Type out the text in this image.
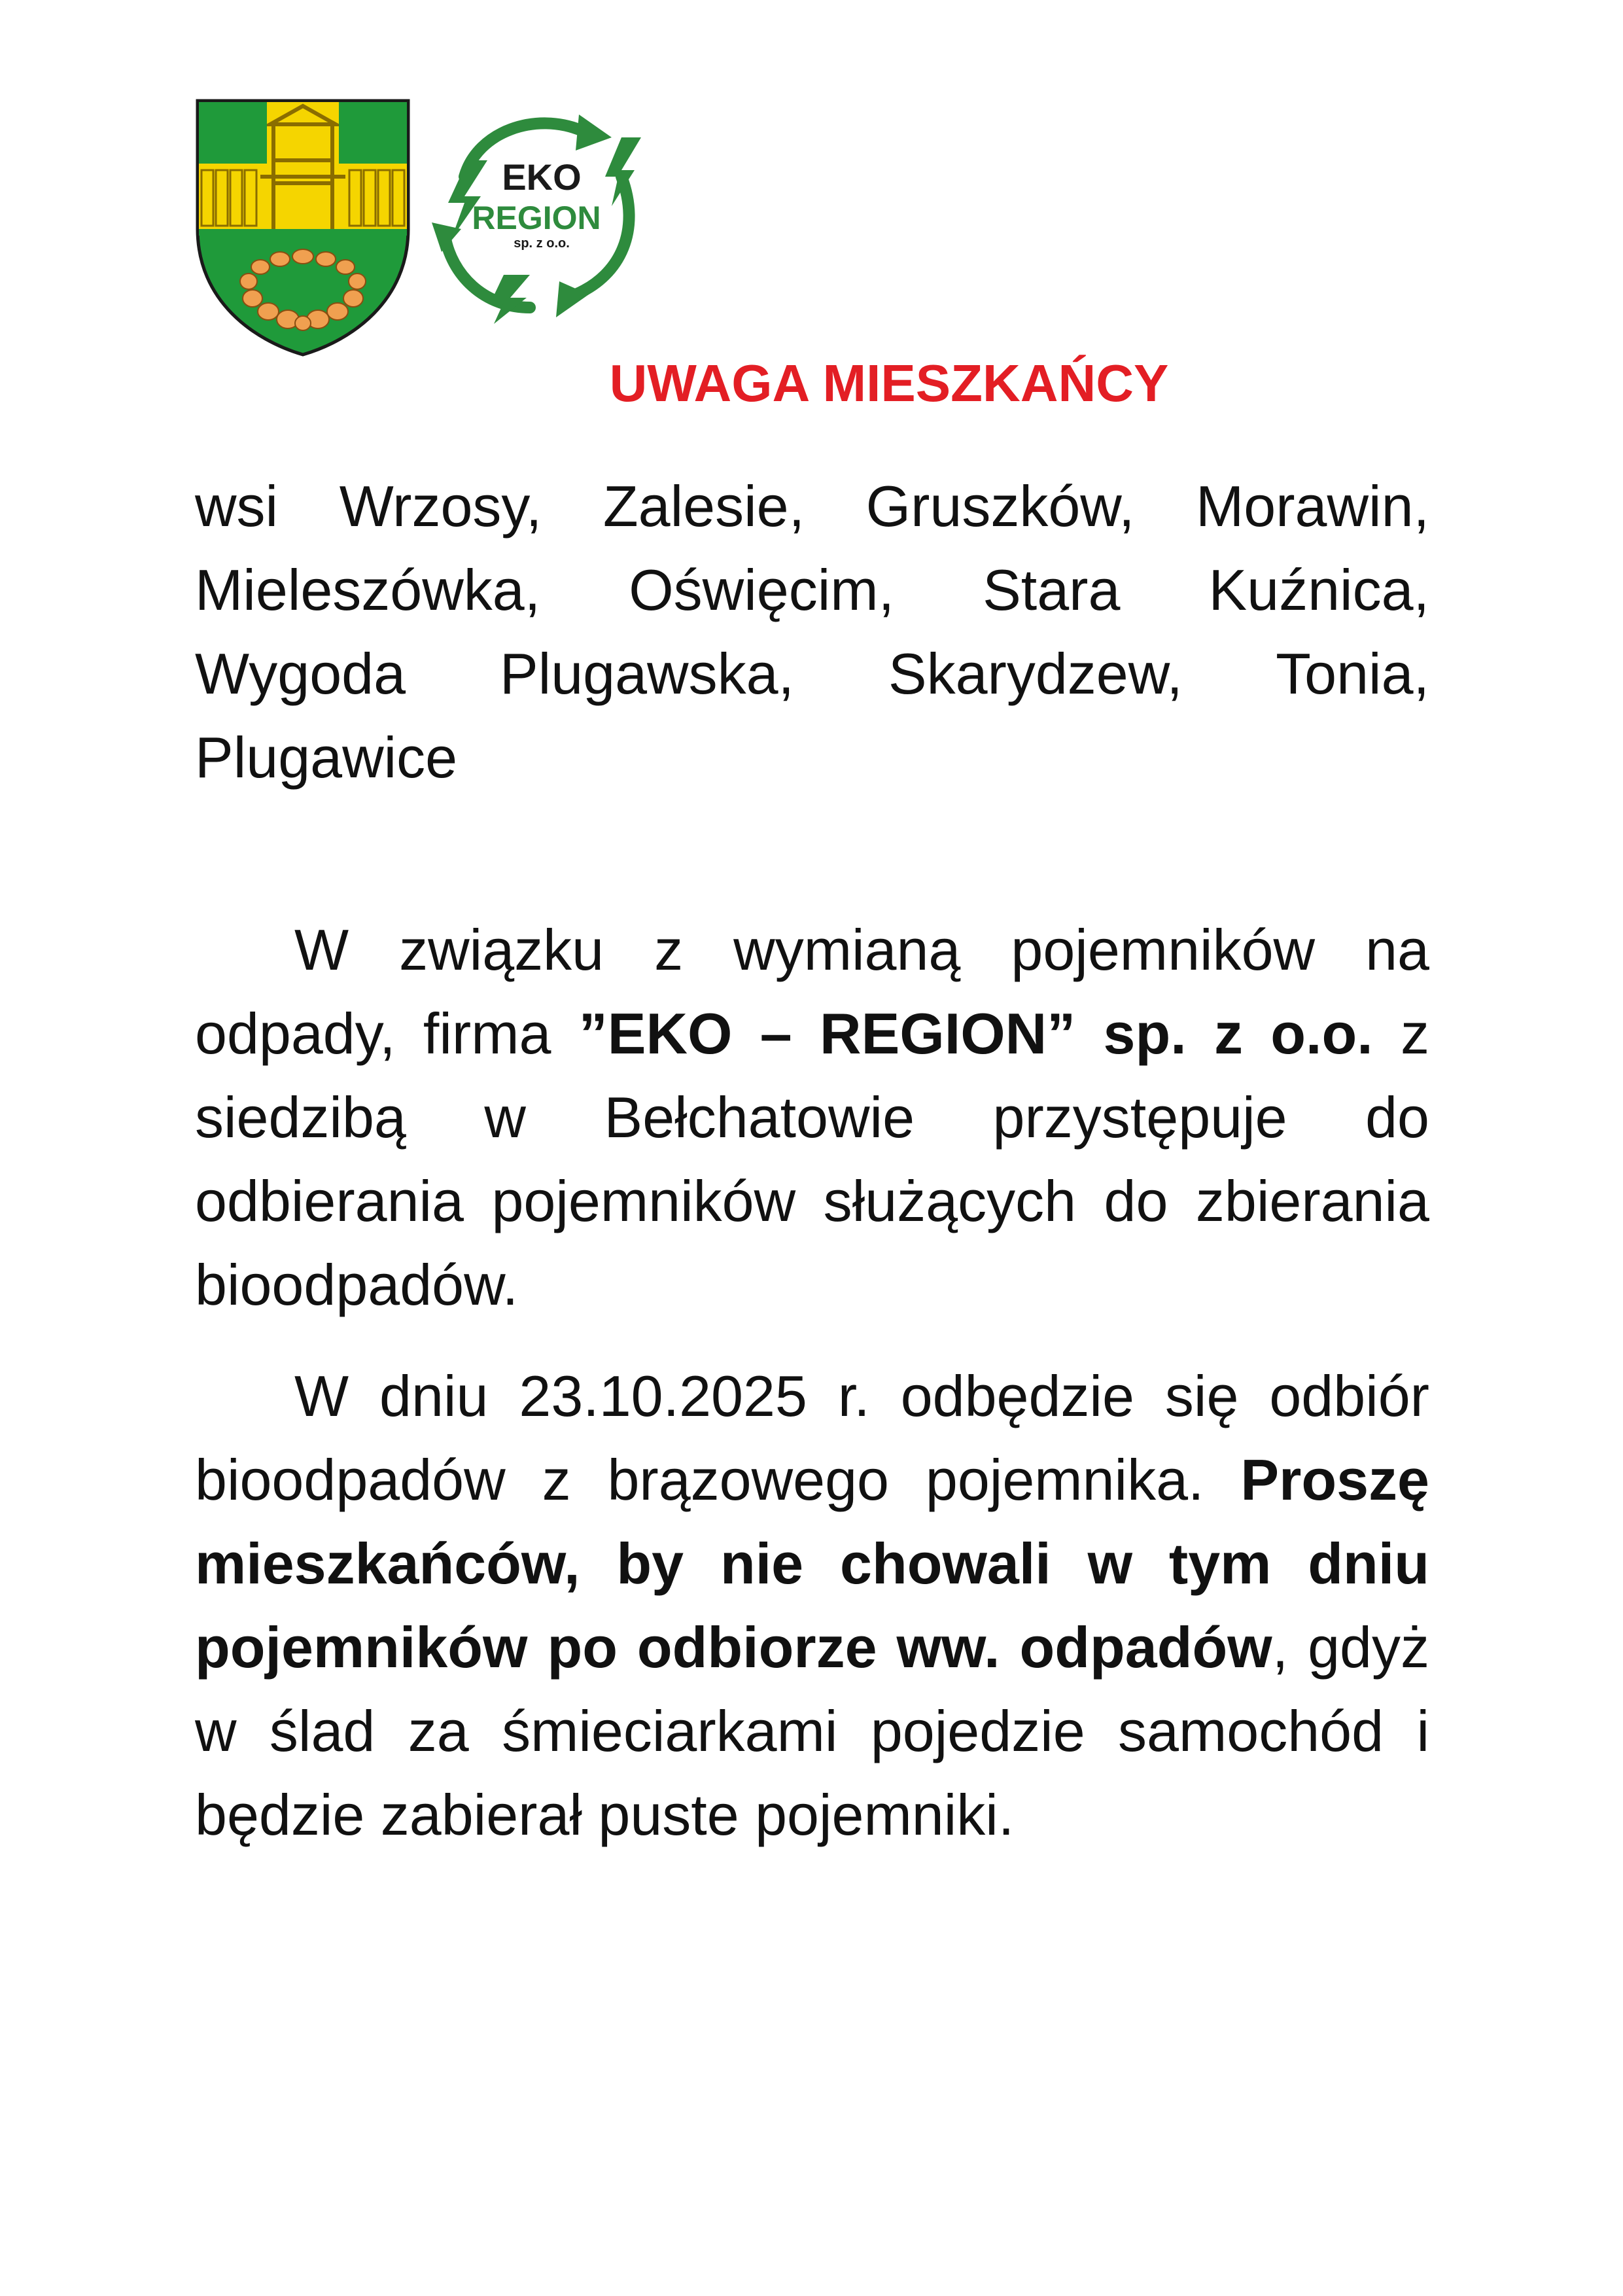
EKO
REGION
sp. z o.o.
UWAGA MIESZKAŃCY
wsi Wrzosy, Zalesie, Gruszków, Morawin, Mieleszówka, Oświęcim, Stara Kuźnica, Wygoda Plugawska, Skarydzew, Tonia, Plugawice
W związku z wymianą pojemników na odpady, firma ”EKO – REGION” sp. z o.o. z siedzibą w Bełchatowie przystępuje do odbierania pojemników służących do zbierania bioodpadów.
W dniu 23.10.2025 r. odbędzie się odbiór bioodpadów z brązowego pojemnika. Proszę mieszkańców, by nie chowali w tym dniu pojemników po odbiorze ww. odpadów, gdyż w ślad za śmieciarkami pojedzie samochód i będzie zabierał puste pojemniki.
